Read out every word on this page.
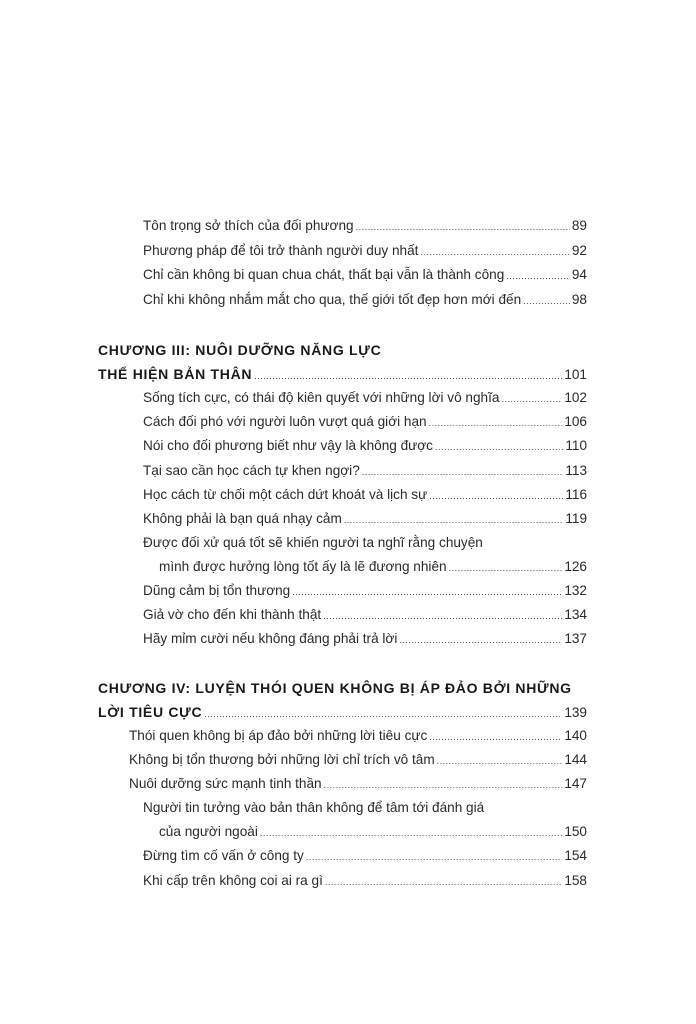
Tôn trọng sở thích của đối phương .....	89
Phương pháp để tôi trở thành người duy nhất .....	92
Chỉ cần không bi quan chua chát, thất bại vẫn là thành công .....	94
Chỉ khi không nhắm mắt cho qua, thế giới tốt đẹp hơn mới đến .....	98
CHƯƠNG III: NUÔI DƯỠNG NĂNG LỰC
THỂ HIỆN BẢN THÂN .....	101
Sống tích cực, có thái độ kiên quyết với những lời vô nghĩa .....	102
Cách đối phó với người luôn vượt quá giới hạn .....	106
Nói cho đối phương biết như vậy là không được .....	110
Tại sao cần học cách tự khen ngợi? .....	113
Học cách từ chối một cách dứt khoát và lịch sự .....	116
Không phải là bạn quá nhạy cảm .....	119
Được đối xử quá tốt sẽ khiến người ta nghĩ rằng chuyện
mình được hưởng lòng tốt ấy là lẽ đương nhiên .....	126
Dũng cảm bị tổn thương .....	132
Giả vờ cho đến khi thành thật .....	134
Hãy mỉm cười nếu không đáng phải trả lời .....	137
CHƯƠNG IV: LUYỆN THÓI QUEN KHÔNG BỊ ÁP ĐẢO BỞI NHỮNG
LỜI TIÊU CỰC .....	139
Thói quen không bị áp đảo bởi những lời tiêu cực .....	140
Không bị tổn thương bởi những lời chỉ trích vô tâm .....	144
Nuôi dưỡng sức mạnh tinh thần .....	147
Người tin tưởng vào bản thân không để tâm tới đánh giá
của người ngoài .....	150
Đừng tìm cố vấn ở công ty .....	154
Khi cấp trên không coi ai ra gì .....	158
